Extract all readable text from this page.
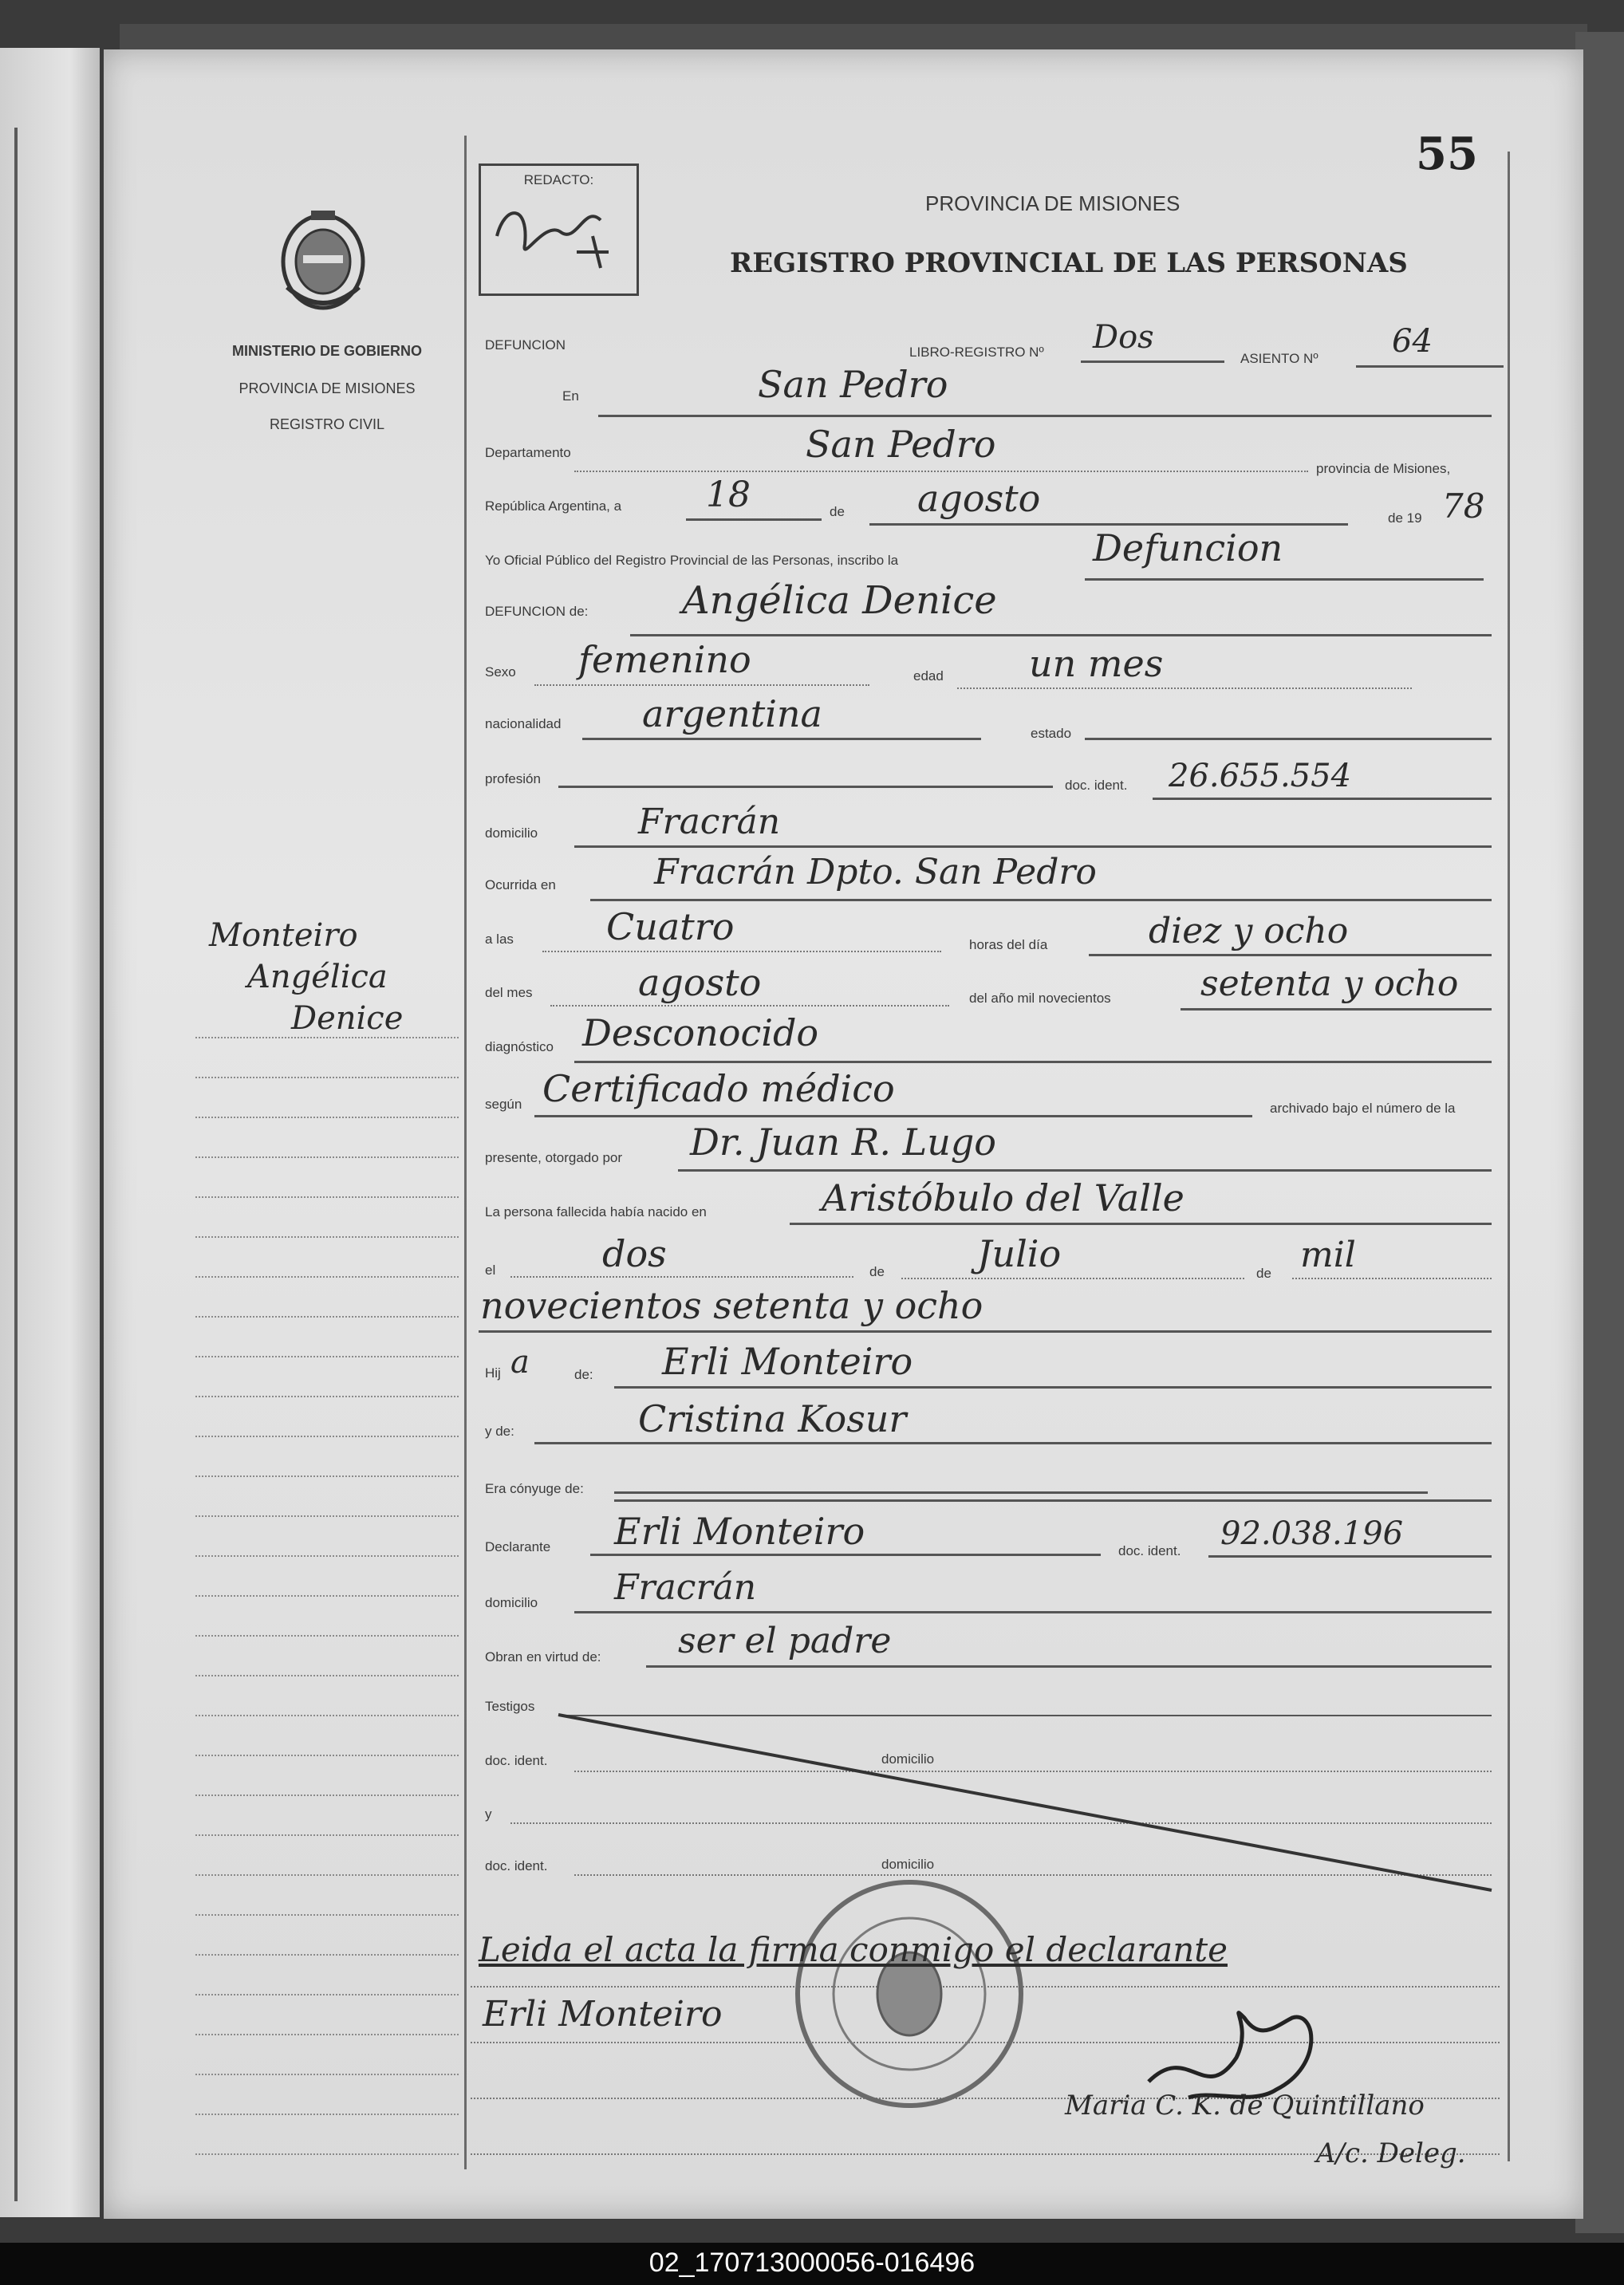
55
MINISTERIO DE GOBIERNO
PROVINCIA DE MISIONES
REGISTRO CIVIL
Monteiro
Angélica
Denice
REDACTO:
PROVINCIA DE MISIONES
REGISTRO PROVINCIAL DE LAS PERSONAS
DEFUNCION	LIBRO-REGISTRO Nº Dos
ASIENTO Nº 64
En	San Pedro
Departamento	San Pedro
provincia de Misiones,
República Argentina, a 18	de agosto	de 19 78
Yo Oficial Público del Registro Provincial de las Personas, inscribo la	Defuncion
DEFUNCION de: Angélica Denice
Sexo femenino	edad un mes
nacionalidad argentina	estado
profesión	doc. ident. 26.655.554
domicilio	Fracrán
Ocurrida en	Fracrán Dpto. San Pedro
a las	Cuatro	horas del día	diez y ocho
del mes	agosto	del año mil novecientos	setenta y ocho
diagnóstico Desconocido
según Certificado médico	archivado bajo el número de la
presente, otorgado por Dr. Juan R. Lugo
La persona fallecida había nacido en	Aristóbulo del Valle
el	dos	de	Julio	de mil
novecientos setenta y ocho
Hij a	de: Erli Monteiro
y de:	Cristina Kosur
Era cónyuge de:
Declarante Erli Monteiro	doc. ident. 92.038.196
domicilio Fracrán
Obran en virtud de: ser el padre
Testigos
doc. ident.	domicilio
y
doc. ident.	domicilio
Leida el acta la firma conmigo el declarante
Erli Monteiro
Maria C. K. de Quintillano
A/c. Deleg.
02_170713000056-016496
